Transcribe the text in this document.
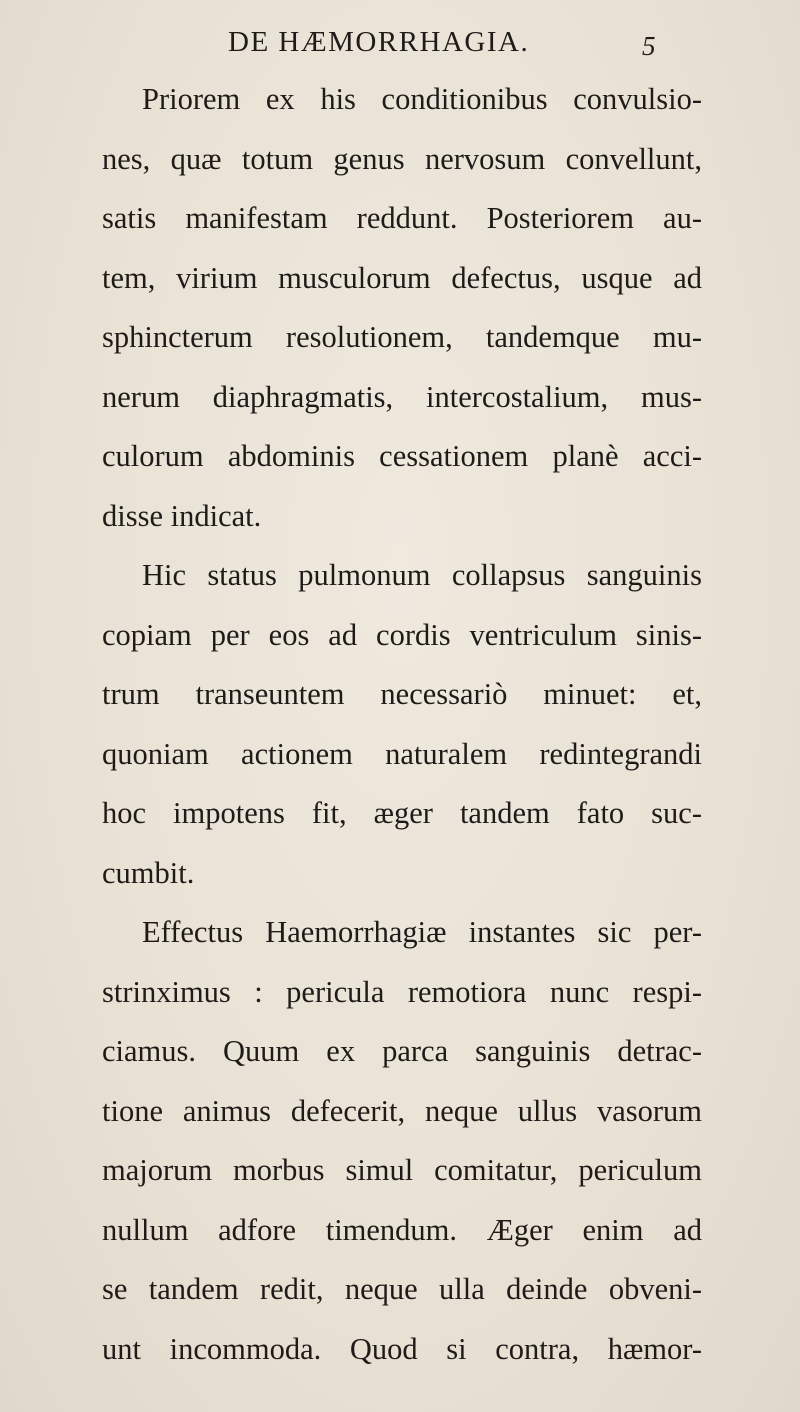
DE HÆMORRHAGIA.	5
Priorem ex his conditionibus convulsio-
nes, quæ totum genus nervosum convellunt,
satis manifestam reddunt. Posteriorem au-
tem, virium musculorum defectus, usque ad
sphincterum resolutionem, tandemque mu-
nerum diaphragmatis, intercostalium, mus-
culorum abdominis cessationem planè acci-
disse indicat.
Hic status pulmonum collapsus sanguinis
copiam per eos ad cordis ventriculum sinis-
trum transeuntem necessariò minuet: et,
quoniam actionem naturalem redintegrandi
hoc impotens fit, æger tandem fato suc-
cumbit.
Effectus Haemorrhagiæ instantes sic per-
strinximus : pericula remotiora nunc respi-
ciamus. Quum ex parca sanguinis detrac-
tione animus defecerit, neque ullus vasorum
majorum morbus simul comitatur, periculum
nullum adfore timendum. Æger enim ad
se tandem redit, neque ulla deinde obveni-
unt incommoda. Quod si contra, hæmor-
